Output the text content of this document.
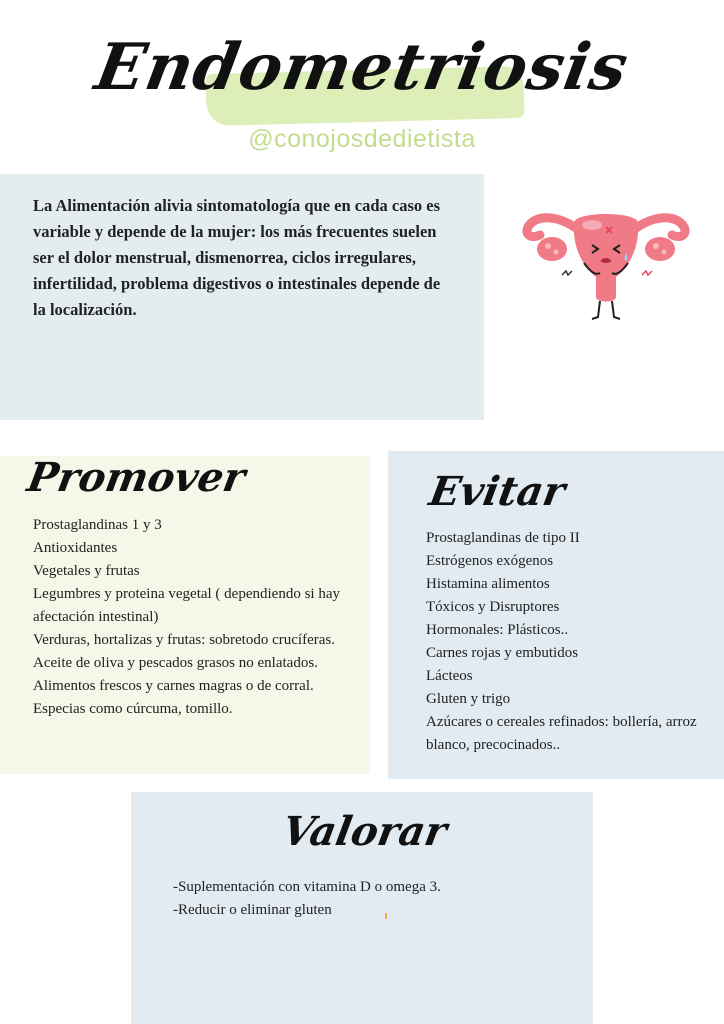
Endometriosis
@conojosdedietista
La Alimentación alivia sintomatología que en cada caso es variable y depende de la mujer: los más frecuentes suelen ser el dolor menstrual, dismenorrea, ciclos irregulares, infertilidad, problema digestivos o intestinales depende de la localización.
Promover
Prostaglandinas 1 y 3
Antioxidantes
Vegetales y frutas
Legumbres y proteina vegetal ( dependiendo si hay afectación intestinal)
Verduras, hortalizas y frutas: sobretodo crucíferas.
Aceite de oliva y pescados grasos no enlatados.
Alimentos frescos y carnes magras o de corral.
Especias como cúrcuma, tomillo.
Evitar
Prostaglandinas de tipo II
Estrógenos exógenos
Histamina alimentos
Tóxicos y Disruptores
Hormonales: Plásticos..
Carnes rojas y embutidos
Lácteos
Gluten y trigo
Azúcares o cereales refinados: bollería, arroz blanco, precocinados..
Valorar
-Suplementación con vitamina D o omega 3.
-Reducir o eliminar gluten
